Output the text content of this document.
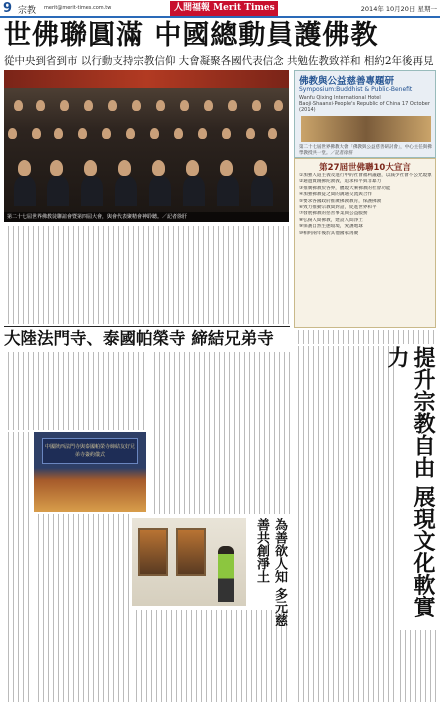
9 宗教 merit@merit-times.com.tw	人間福報 Merit Times	2014年 10月20日 星期一
世佛聯圓滿 中國總動員護佛教
從中央到省到市 以行動支持宗教信仰 大會凝聚各國代表信念 共勉佐教致祥和 相約2年後再見
第二十七屆世界佛教徒聯誼會暨第四屆大會，與會代表聚精會神聆聽。／記者徐肝
佛教與公益慈善專題研
Symposium:Buddhist & Public-Benefit
Wanfu Qixing International Hotel Baoji·Shaanxi·People's Republic of China 17 October (2014)
第二十七屆世界佛教大會「佛教與公益慈善研討會」，中心主任與佛學教授共一堂。／記者徐肝
第27屆世佛聯10大宣言
①加強人道主義及進行中的社會福利議題，以減少社會不公允現象
②通過實踐佛陀教義，追求和平與非暴力
③推廣佛教於各界，體現大乘佛教的社會功能
④加強佛教徒之間的溝通交流與合作
⑤要求各國政府推廣佛教教育，保護佛教
⑥致力推動宗教間對話，促進世界和平
⑦發展佛教的慈善事業與公益服務
⑧弘揚人間佛教，建設人間淨土
⑨保護自然生態環境，愛護地球
⑩相約兩年後於其他國家再聚
大陸法門寺、泰國帕榮寺 締結兄弟寺
中國陝西法門寺與泰國帕榮寺締結友好兄弟寺簽約儀式
為善欲人知 多元慈善共創淨土	提升宗教自由 展現文化軟實力
